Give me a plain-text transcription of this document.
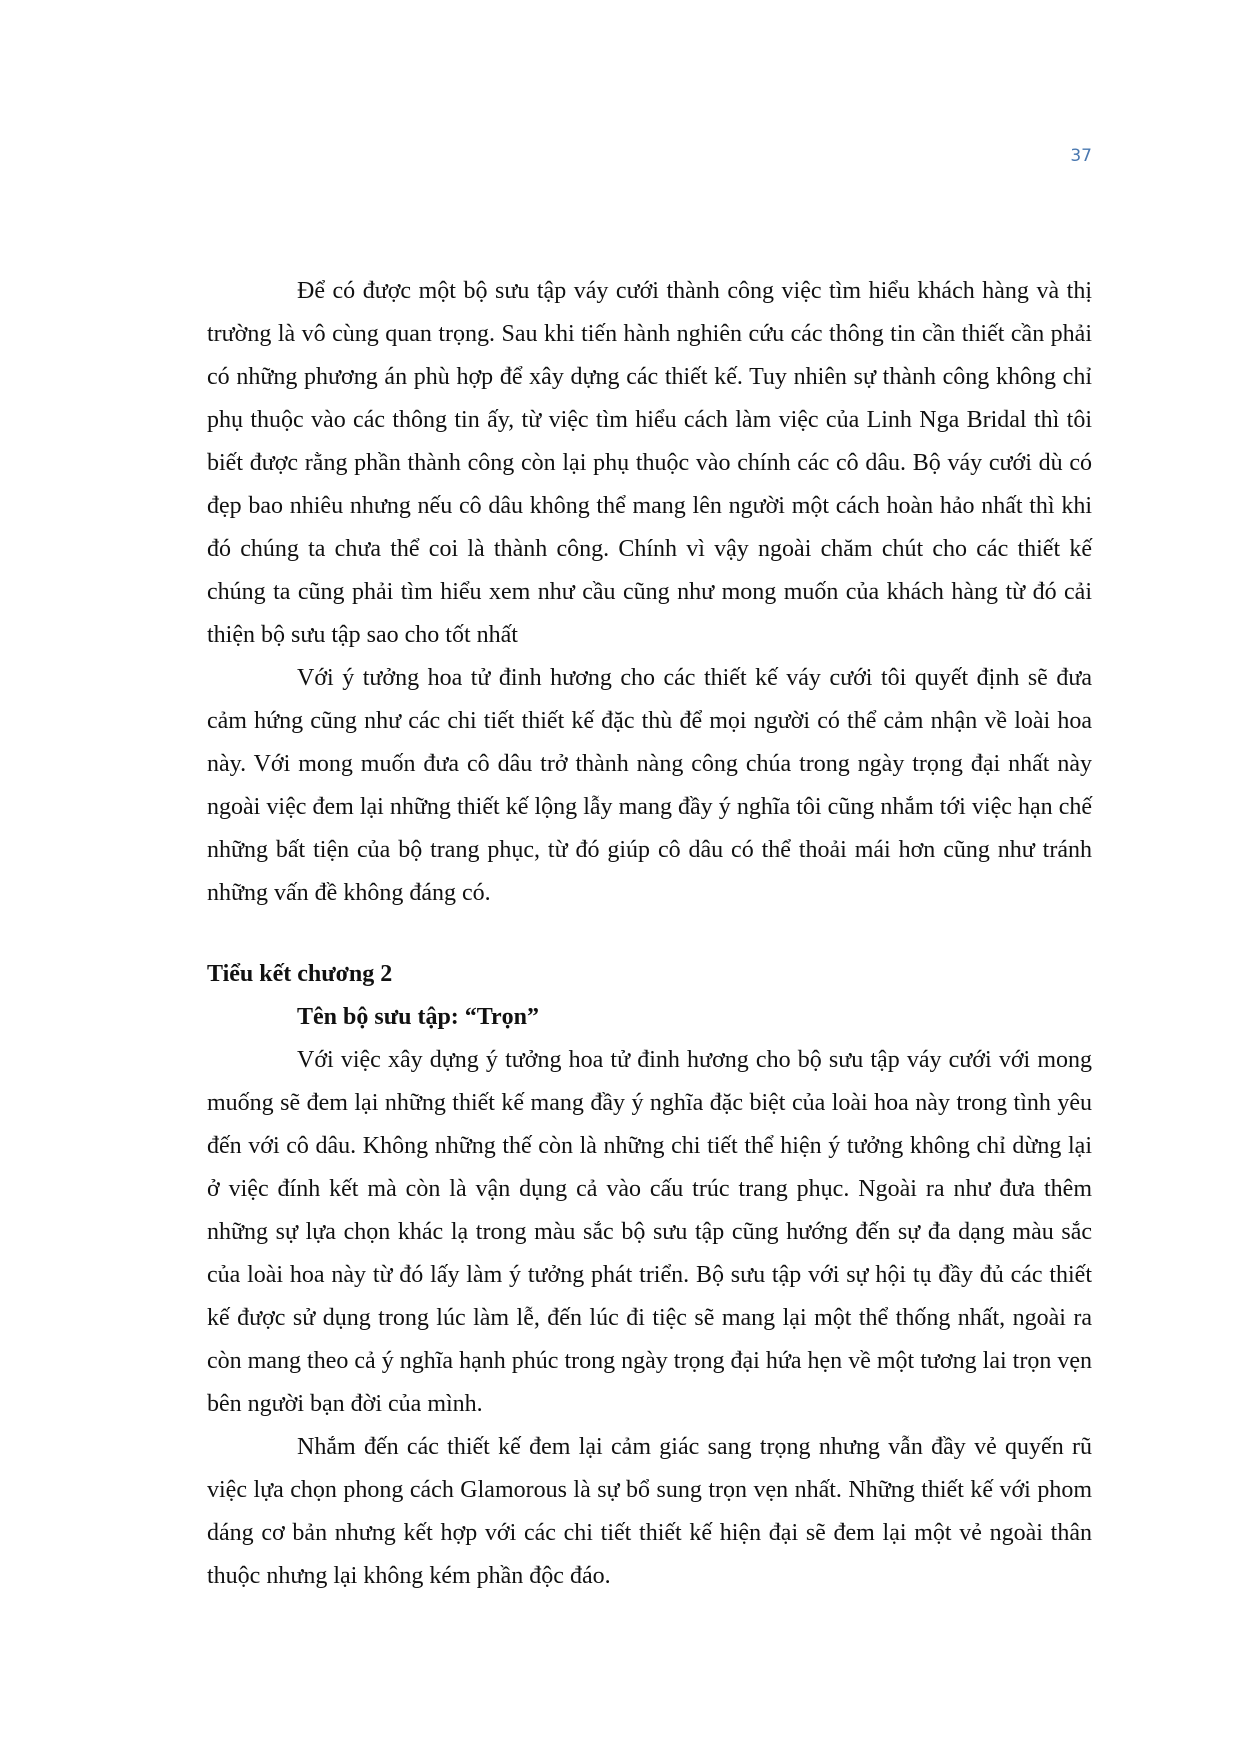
37

Để có được một bộ sưu tập váy cưới thành công việc tìm hiểu khách hàng và thị trường là vô cùng quan trọng. Sau khi tiến hành nghiên cứu các thông tin cần thiết cần phải có những phương án phù hợp để xây dựng các thiết kế. Tuy nhiên sự thành công không chỉ phụ thuộc vào các thông tin ấy, từ việc tìm hiểu cách làm việc của Linh Nga Bridal thì tôi biết được rằng phần thành công còn lại phụ thuộc vào chính các cô dâu. Bộ váy cưới dù có đẹp bao nhiêu nhưng nếu cô dâu không thể mang lên người một cách hoàn hảo nhất thì khi đó chúng ta chưa thể coi là thành công. Chính vì vậy ngoài chăm chút cho các thiết kế chúng ta cũng phải tìm hiểu xem như cầu cũng như mong muốn của khách hàng từ đó cải thiện bộ sưu tập sao cho tốt nhất

Với ý tưởng hoa tử đinh hương cho các thiết kế váy cưới tôi quyết định sẽ đưa cảm hứng cũng như các chi tiết thiết kế đặc thù để mọi người có thể cảm nhận về loài hoa này. Với mong muốn đưa cô dâu trở thành nàng công chúa trong ngày trọng đại nhất này ngoài việc đem lại những thiết kế lộng lẫy mang đầy ý nghĩa tôi cũng nhắm tới việc hạn chế những bất tiện của bộ trang phục, từ đó giúp cô dâu có thể thoải mái hơn cũng như tránh những vấn đề không đáng có.

Tiểu kết chương 2

Tên bộ sưu tập: “Trọn”

Với việc xây dựng ý tưởng hoa tử đinh hương cho bộ sưu tập váy cưới với mong muống sẽ đem lại những thiết kế mang đầy ý nghĩa đặc biệt của loài hoa này trong tình yêu đến với cô dâu. Không những thế còn là những chi tiết thể hiện ý tưởng không chỉ dừng lại ở việc đính kết mà còn là vận dụng cả vào cấu trúc trang phục. Ngoài ra như đưa thêm những sự lựa chọn khác lạ trong màu sắc bộ sưu tập cũng hướng đến sự đa dạng màu sắc của loài hoa này từ đó lấy làm ý tưởng phát triển. Bộ sưu tập với sự hội tụ đầy đủ các thiết kế được sử dụng trong lúc làm lễ, đến lúc đi tiệc sẽ mang lại một thể thống nhất, ngoài ra còn mang theo cả ý nghĩa hạnh phúc trong ngày trọng đại hứa hẹn về một tương lai trọn vẹn bên người bạn đời của mình.

Nhắm đến các thiết kế đem lại cảm giác sang trọng nhưng vẫn đầy vẻ quyến rũ việc lựa chọn phong cách Glamorous là sự bổ sung trọn vẹn nhất. Những thiết kế với phom dáng cơ bản nhưng kết hợp với các chi tiết thiết kế hiện đại sẽ đem lại một vẻ ngoài thân thuộc nhưng lại không kém phần độc đáo.
